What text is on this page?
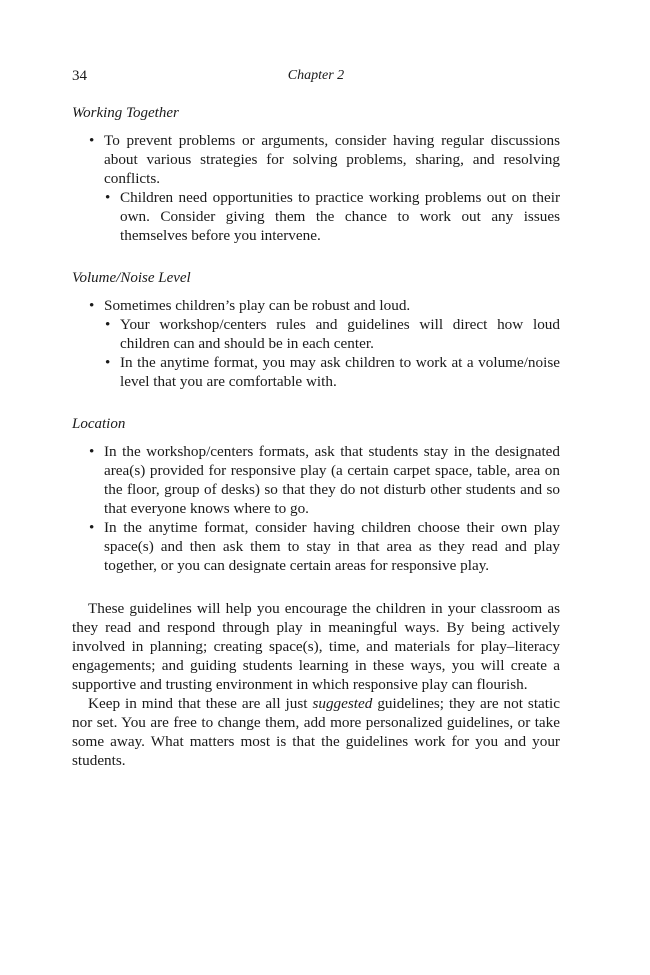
34	Chapter 2
Working Together
• To prevent problems or arguments, consider having regular discussions about various strategies for solving problems, sharing, and resolving conflicts.
• Children need opportunities to practice working problems out on their own. Consider giving them the chance to work out any issues themselves before you intervene.
Volume/Noise Level
• Sometimes children’s play can be robust and loud.
• Your workshop/centers rules and guidelines will direct how loud children can and should be in each center.
• In the anytime format, you may ask children to work at a volume/noise level that you are comfortable with.
Location
• In the workshop/centers formats, ask that students stay in the designated area(s) provided for responsive play (a certain carpet space, table, area on the floor, group of desks) so that they do not disturb other students and so that everyone knows where to go.
• In the anytime format, consider having children choose their own play space(s) and then ask them to stay in that area as they read and play together, or you can designate certain areas for responsive play.

These guidelines will help you encourage the children in your classroom as they read and respond through play in meaningful ways. By being actively involved in planning; creating space(s), time, and materials for play–literacy engagements; and guiding students learning in these ways, you will create a supportive and trusting environment in which responsive play can flourish.

Keep in mind that these are all just suggested guidelines; they are not static nor set. You are free to change them, add more personalized guidelines, or take some away. What matters most is that the guidelines work for you and your students.
